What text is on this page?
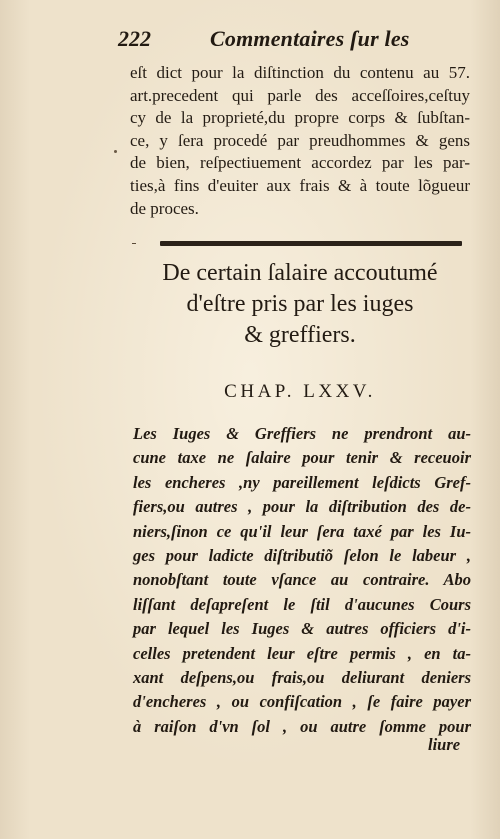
222	Commentaires ſur les
eſt dict pour la diſtinction du contenu au 57.
art.precedent qui parle des acceſſoires,ceſtuy
cy de la proprieté,du propre corps & ſubſtan-
ce, y ſera procedé par preudhommes & gens
de bien, reſpectiuement accordez par les par-
ties,à fins d'euiter aux frais & à toute lõgueur
de proces.
De certain ſalaire accoutumé
d'eſtre pris par les iuges
& greffiers.
CHAP. LXXV.
Les Iuges & Greffiers ne prendront au-
cune taxe ne ſalaire pour tenir & receuoir
les encheres ,ny pareillement leſdicts Gref-
fiers,ou autres , pour la diſtribution des de-
niers,ſinon ce qu'il leur ſera taxé par les Iu-
ges pour ladicte diſtributiõ ſelon le labeur ,
nonobſtant toute vſance au contraire. Abo
liſſant deſapreſent le ſtil d'aucunes Cours
par lequel les Iuges & autres officiers d'i-
celles pretendent leur eſtre permis , en ta-
xant deſpens,ou frais,ou deliurant deniers
d'encheres , ou confiſcation , ſe faire payer
à raiſon d'vn ſol , ou autre ſomme pour
liure
